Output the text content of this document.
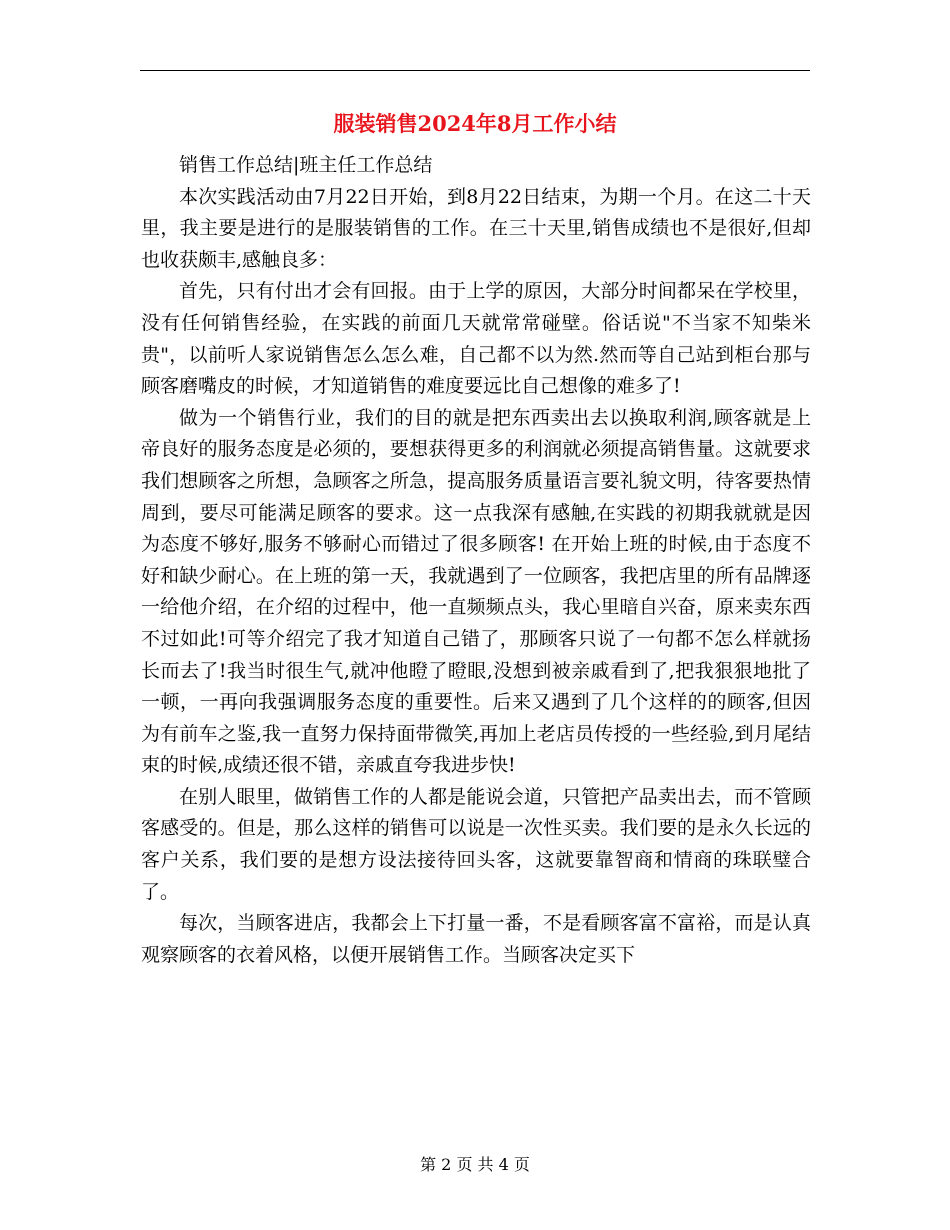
服装销售2024年8月工作小结

销售工作总结|班主任工作总结

本次实践活动由7月22日开始，到8月22日结束，为期一个月。在这二十天里，我主要是进行的是服装销售的工作。在三十天里,销售成绩也不是很好,但却也收获颇丰,感触良多：

首先，只有付出才会有回报。由于上学的原因，大部分时间都呆在学校里，没有任何销售经验，在实践的前面几天就常常碰壁。俗话说"不当家不知柴米贵"，以前听人家说销售怎么怎么难，自己都不以为然.然而等自己站到柜台那与顾客磨嘴皮的时候，才知道销售的难度要远比自己想像的难多了!

做为一个销售行业，我们的目的就是把东西卖出去以换取利润,顾客就是上帝良好的服务态度是必须的，要想获得更多的利润就必须提高销售量。这就要求我们想顾客之所想，急顾客之所急，提高服务质量语言要礼貌文明，待客要热情周到，要尽可能满足顾客的要求。这一点我深有感触,在实践的初期我就就是因为态度不够好,服务不够耐心而错过了很多顾客! 在开始上班的时候,由于态度不好和缺少耐心。在上班的第一天，我就遇到了一位顾客，我把店里的所有品牌逐一给他介绍，在介绍的过程中，他一直频频点头，我心里暗自兴奋，原来卖东西不过如此!可等介绍完了我才知道自己错了，那顾客只说了一句都不怎么样就扬长而去了!我当时很生气,就冲他瞪了瞪眼,没想到被亲戚看到了,把我狠狠地批了一顿，一再向我强调服务态度的重要性。后来又遇到了几个这样的的顾客,但因为有前车之鉴,我一直努力保持面带微笑,再加上老店员传授的一些经验,到月尾结束的时候,成绩还很不错，亲戚直夸我进步快!

在别人眼里，做销售工作的人都是能说会道，只管把产品卖出去，而不管顾客感受的。但是，那么这样的销售可以说是一次性买卖。我们要的是永久长远的客户关系，我们要的是想方设法接待回头客，这就要靠智商和情商的珠联璧合了。

每次，当顾客进店，我都会上下打量一番，不是看顾客富不富裕，而是认真观察顾客的衣着风格，以便开展销售工作。当顾客决定买下

第 2 页 共 4 页
